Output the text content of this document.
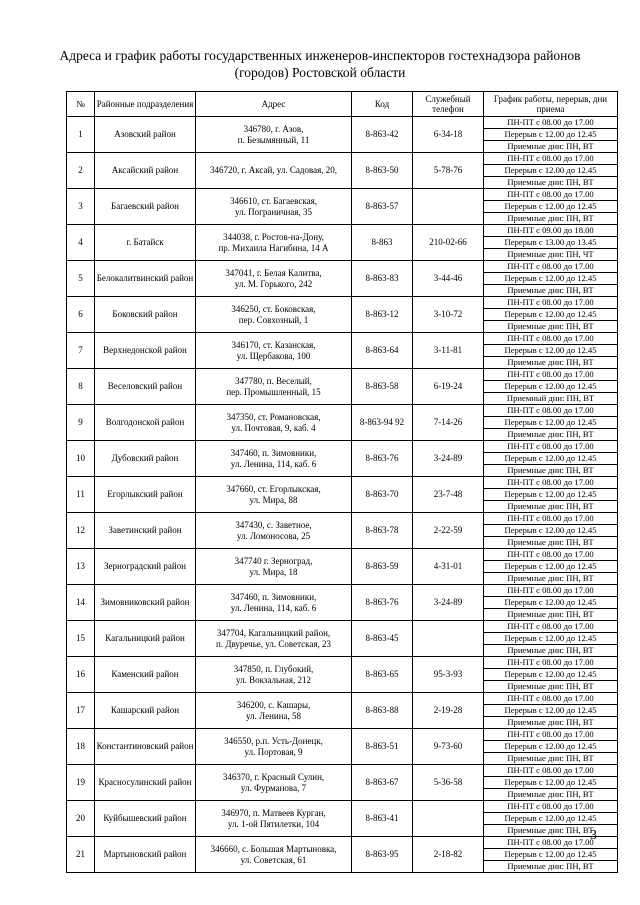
Адреса и график работы государственных инженеров-инспекторов гостехнадзора районов
(городов) Ростовской области
№	Районные подразделения	Адрес	Код	Служебный телефон	График работы, перерыв, дни приема
1	Азовский район	346780, г. Азов,
п. Безымянный, 11	8-863-42	6-34-18	ПН-ПТ с 08.00 до 17.00
Перерыв с 12.00 до 12.45
Приемные дни: ПН, ВТ

2	Аксайский район	346720, г. Аксай, ул. Садовая, 20,	8-863-50	5-78-76	ПН-ПТ с 08.00 до 17.00
Перерыв с 12.00 до 12.45
Приемные дни: ПН, ВТ

3	Багаевский район	346610, ст. Багаевская,
ул. Пограничная, 35	8-863-57		ПН-ПТ с 08.00 до 17.00
Перерыв с 12.00 до 12.45
Приемные дни: ПН, ВТ

4	г. Батайск	344038, г. Ростов-на-Дону,
пр. Михаила Нагибина, 14 А	8-863	210-02-66	ПН-ПТ с 09.00 до 18.00
Перерыв с 13.00 до 13.45
Приемные дни: ПН, ЧТ

5	Белокалитвинский район	347041, г. Белая Калитва,
ул. М. Горького, 242	8-863-83	3-44-46	ПН-ПТ с 08.00 до 17.00
Перерыв с 12.00 до 12.45
Приемные дни: ПН, ВТ

6	Боковский район	346250, ст. Боковская,
пер. Совхозный, 1	8-863-12	3-10-72	ПН-ПТ с 08.00 до 17.00
Перерыв с 12.00 до 12.45
Приемные дни: ПН, ВТ

7	Верхнедонской район	346170, ст. Казанская,
ул. Щербакова, 100	8-863-64	3-11-81	ПН-ПТ с 08.00 до 17.00
Перерыв с 12.00 до 12.45
Приемные дни: ПН, ВТ

8	Веселовский район	347780, п. Веселый,
пер. Промышленный, 15	8-863-58	6-19-24	ПН-ПТ с 08.00 до 17.00
Перерыв с 12.00 до 12.45
Приемный дни: ПН, ВТ

9	Волгодонской район	347350, ст. Романовская,
ул. Почтовая, 9, каб. 4	8-863-94 92	7-14-26	ПН-ПТ с 08.00 до 17.00
Перерыв с 12.00 до 12.45
Приемные дни: ПН, ВТ

10	Дубовский район	347460, п. Зимовники,
ул. Ленина, 114, каб. 6	8-863-76	3-24-89	ПН-ПТ с 08.00 до 17.00
Перерыв с 12.00 до 12.45
Приемные дни: ПН, ВТ

11	Егорлыкский район	347660, ст. Егорлыкская,
ул. Мира, 88	8-863-70	23-7-48	ПН-ПТ с 08.00 до 17.00
Перерыв с 12.00 до 12.45
Приемные дни: ПН, ВТ

12	Заветинский район	347430, с. Заветное,
ул. Ломоносова, 25	8-863-78	2-22-59	ПН-ПТ с 08.00 до 17.00
Перерыв с 12.00 до 12.45
Приемные дни: ПН, ВТ

13	Зерноградский район	347740 г. Зерноград,
ул. Мира, 18	8-863-59	4-31-01	ПН-ПТ с 08.00 до 17.00
Перерыв с 12.00 до 12.45
Приемные дни: ПН, ВТ

14	Зимовниковский район	347460, п. Зимовники,
ул. Ленина, 114, каб. 6	8-863-76	3-24-89	ПН-ПТ с 08.00 до 17.00
Перерыв с 12.00 до 12.45
Приемные дни: ПН, ВТ

15	Кагальницкий район	347704, Кагальницкий район,
п. Двуречье, ул. Советская, 23	8-863-45		ПН-ПТ с 08.00 до 17.00
Перерыв с 12.00 до 12.45
Приемные дни: ПН, ВТ

16	Каменский район	347850, п. Глубокий,
ул. Вокзальная, 212	8-863-65	95-3-93	ПН-ПТ с 08.00 до 17.00
Перерыв с 12.00 до 12.45
Приемные дни: ПН, ВТ

17	Кашарский район	346200, с. Кашары,
ул. Ленина, 58	8-863-88	2-19-28	ПН-ПТ с 08.00 до 17.00
Перерыв с 12.00 до 12.45
Приемные дни: ПН, ВТ

18	Константиновский район	346550, р.п. Усть-Донецк,
ул. Портовая, 9	8-863-51	9-73-60	ПН-ПТ с 08.00 до 17.00
Перерыв с 12.00 до 12.45
Приемные дни: ПН, ВТ

19	Красносулинский район	346370, г. Красный Сулин,
ул. Фурманова, 7	8-863-67	5-36-58	ПН-ПТ с 08.00 до 17.00
Перерыв с 12.00 до 12.45
Приемные дни: ПН, ВТ

20	Куйбышевский район	346970, п. Матвеев Курган,
ул. 1-ой Пятилетки, 104	8-863-41		ПН-ПТ с 08.00 до 17.00
Перерыв с 12.00 до 12.45
Приемные дни: ПН, ВТ

21	Мартыновский район	346660, с. Большая Мартыновка,
ул. Советская, 61	8-863-95	2-18-82	ПН-ПТ с 08.00 до 17.00
Перерыв с 12.00 до 12.45
Приемные дни: ПН, ВТ
3
